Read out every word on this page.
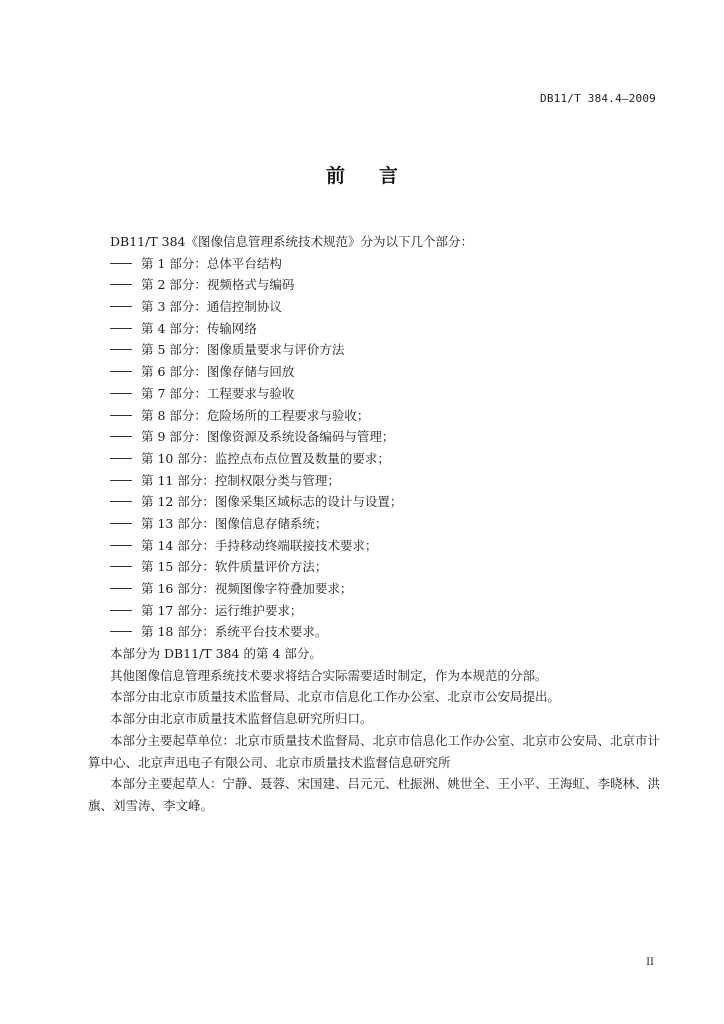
DB11/T 384.4—2009
前言
DB11/T 384《图像信息管理系统技术规范》分为以下几个部分：
第 1 部分：总体平台结构
第 2 部分：视频格式与编码
第 3 部分：通信控制协议
第 4 部分：传输网络
第 5 部分：图像质量要求与评价方法
第 6 部分：图像存储与回放
第 7 部分：工程要求与验收
第 8 部分：危险场所的工程要求与验收；
第 9 部分：图像资源及系统设备编码与管理；
第 10 部分：监控点布点位置及数量的要求；
第 11 部分：控制权限分类与管理；
第 12 部分：图像采集区域标志的设计与设置；
第 13 部分：图像信息存储系统；
第 14 部分：手持移动终端联接技术要求；
第 15 部分：软件质量评价方法；
第 16 部分：视频图像字符叠加要求；
第 17 部分：运行维护要求；
第 18 部分：系统平台技术要求。
本部分为 DB11/T 384 的第 4 部分。
其他图像信息管理系统技术要求将结合实际需要适时制定，作为本规范的分部。
本部分由北京市质量技术监督局、北京市信息化工作办公室、北京市公安局提出。
本部分由北京市质量技术监督信息研究所归口。
本部分主要起草单位：北京市质量技术监督局、北京市信息化工作办公室、北京市公安局、北京市计算中心、北京声迅电子有限公司、北京市质量技术监督信息研究所
本部分主要起草人：宁静、聂蓉、宋国建、吕元元、杜振洲、姚世全、王小平、王海虹、李晓林、洪旗、刘雪涛、李文峰。
II
